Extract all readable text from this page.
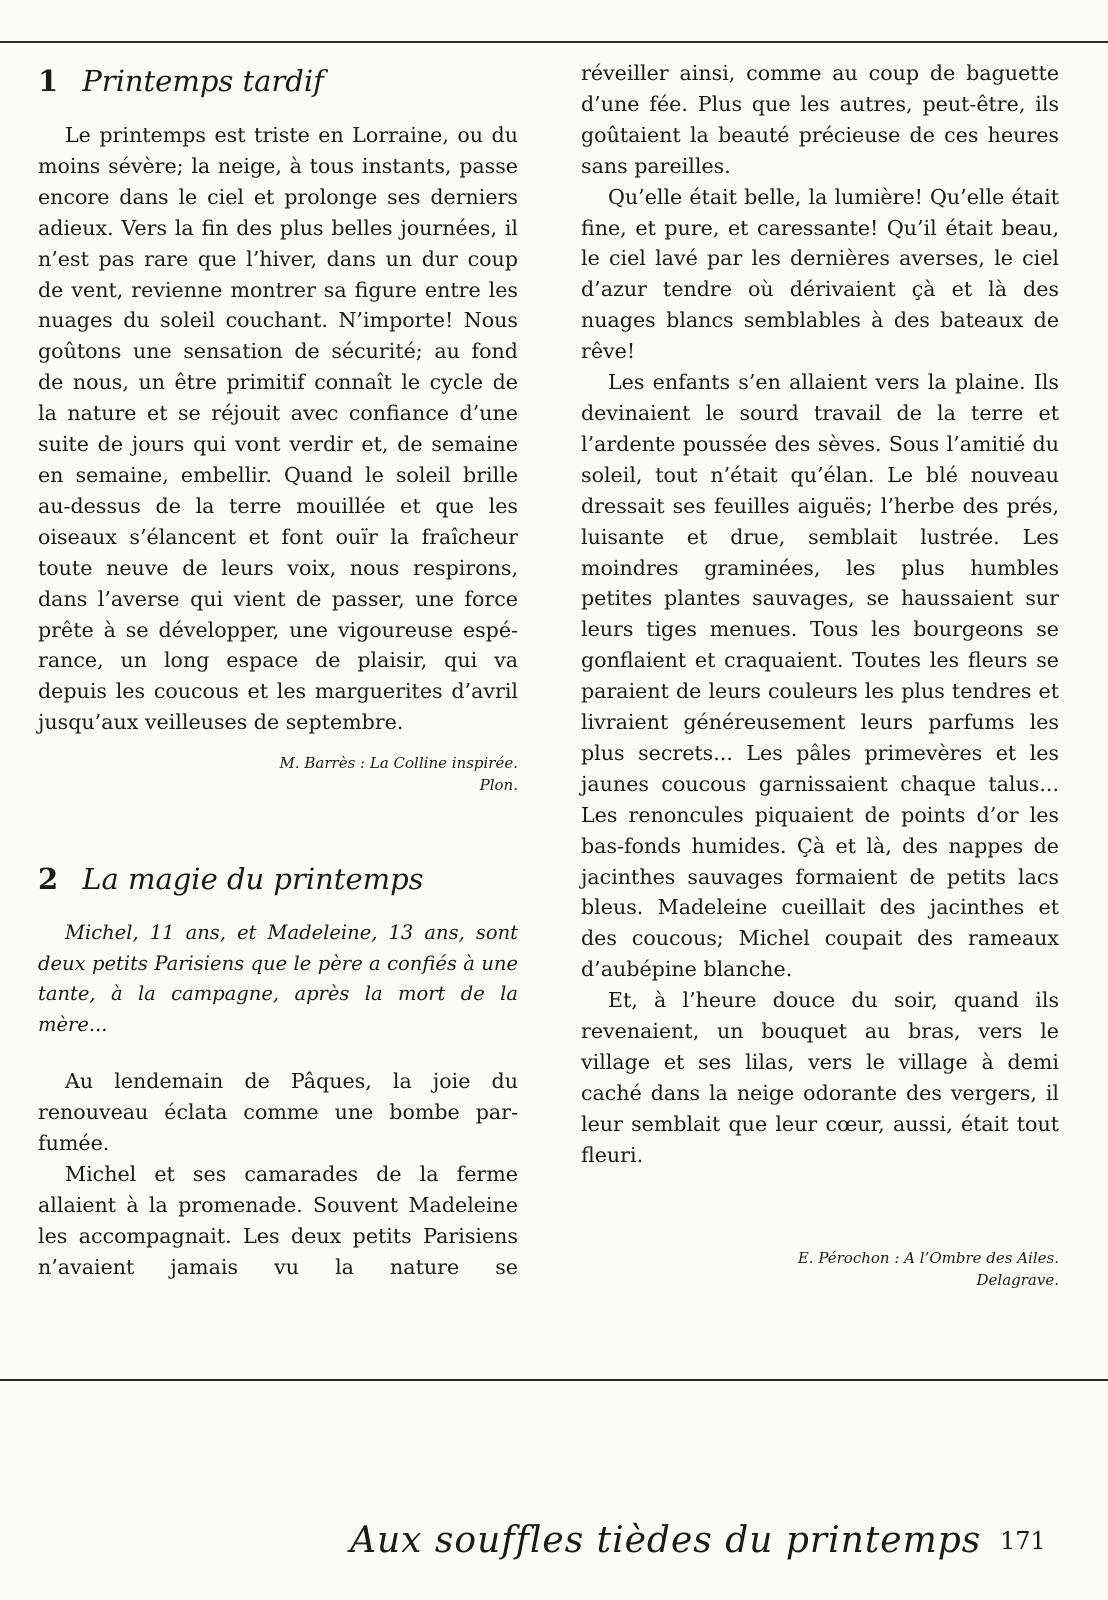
1 Printemps tardif

Le printemps est triste en Lorraine, ou du moins sévère; la neige, à tous instants, passe encore dans le ciel et prolonge ses derniers adieux. Vers la fin des plus belles journées, il n’est pas rare que l’hiver, dans un dur coup de vent, revienne montrer sa figure entre les nuages du soleil couchant. N’importe! Nous goûtons une sensation de sécurité; au fond de nous, un être primitif connaît le cycle de la nature et se réjouit avec confiance d’une suite de jours qui vont verdir et, de semaine en semaine, embellir. Quand le soleil brille au-dessus de la terre mouillée et que les oiseaux s’élancent et font ouïr la fraîcheur toute neuve de leurs voix, nous respirons, dans l’averse qui vient de passer, une force prête à se développer, une vigoureuse espérance, un long espace de plaisir, qui va depuis les coucous et les marguerites d’avril jusqu’aux veilleuses de septembre.

M. Barrès : La Colline inspirée.
Plon.
2 La magie du printemps

Michel, 11 ans, et Madeleine, 13 ans, sont deux petits Parisiens que le père a confiés à une tante, à la campagne, après la mort de la mère...

Au lendemain de Pâques, la joie du renouveau éclata comme une bombe parfumée.

Michel et ses camarades de la ferme allaient à la promenade. Souvent Madeleine les accompagnait. Les deux petits Parisiens n’avaient jamais vu la nature se

réveiller ainsi, comme au coup de baguette d’une fée. Plus que les autres, peut-être, ils goûtaient la beauté précieuse de ces heures sans pareilles.

Qu’elle était belle, la lumière! Qu’elle était fine, et pure, et caressante! Qu’il était beau, le ciel lavé par les dernières averses, le ciel d’azur tendre où dérivaient çà et là des nuages blancs semblables à des bateaux de rêve!

Les enfants s’en allaient vers la plaine. Ils devinaient le sourd travail de la terre et l’ardente poussée des sèves. Sous l’amitié du soleil, tout n’était qu’élan. Le blé nouveau dressait ses feuilles aiguës; l’herbe des prés, luisante et drue, semblait lustrée. Les moindres graminées, les plus humbles petites plantes sauvages, se haussaient sur leurs tiges menues. Tous les bourgeons se gonflaient et craquaient. Toutes les fleurs se paraient de leurs couleurs les plus tendres et livraient généreusement leurs parfums les plus secrets... Les pâles primevères et les jaunes coucous garnissaient chaque talus... Les renoncules piquaient de points d’or les bas-fonds humides. Çà et là, des nappes de jacinthes sauvages formaient de petits lacs bleus. Madeleine cueillait des jacinthes et des coucous; Michel coupait des rameaux d’aubépine blanche.

Et, à l’heure douce du soir, quand ils revenaient, un bouquet au bras, vers le village et ses lilas, vers le village à demi caché dans la neige odorante des vergers, il leur semblait que leur cœur, aussi, était tout fleuri.

E. Pérochon : A l’Ombre des Ailes.
Delagrave.
Aux souffles tièdes du printemps 171
